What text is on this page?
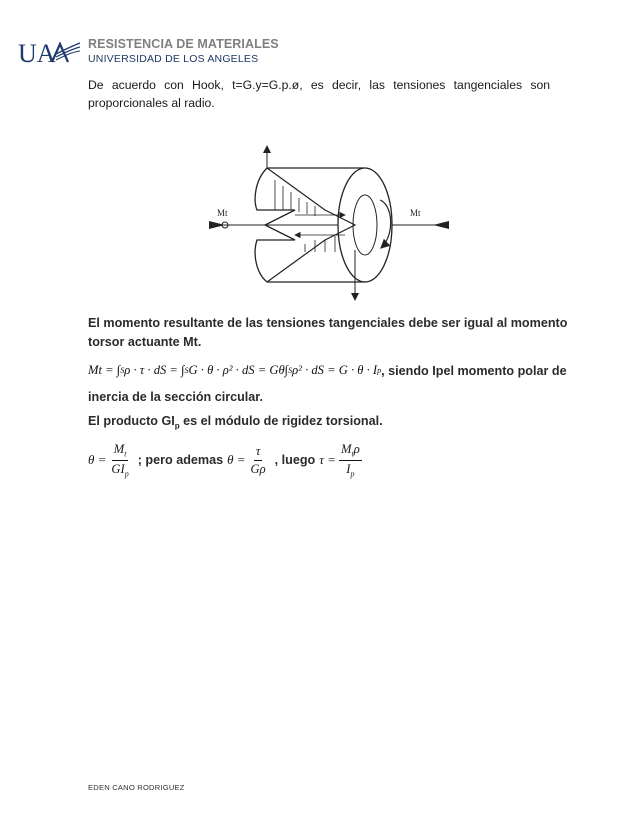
UA	RESISTENCIA DE MATERIALES
UNIVERSIDAD DE LOS ANGELES
De acuerdo con Hook, t=G.y=G.p.ø, es decir, las tensiones tangenciales son proporcionales al radio.
Mt	Mt
El momento resultante de las tensiones tangenciales debe ser igual al momento
torsor actuante Mt.
Mt = ∫ S ρ · τ · dS = ∫ S G · θ · ρ² · dS = Gθ∫ S ρ² · dS = G · θ · I p , siendo I p el momento polar de
inercia de la sección circular.
El producto $GI_p$ es el módulo de rigidez torsional.
$\theta = \frac{M_t}{GI_p}$ ; pero ademas $\theta = \frac{\tau}{G\rho}$ , luego $\tau = \frac{M_t\rho}{I_p}$
EDEN CANO RODRIGUEZ
